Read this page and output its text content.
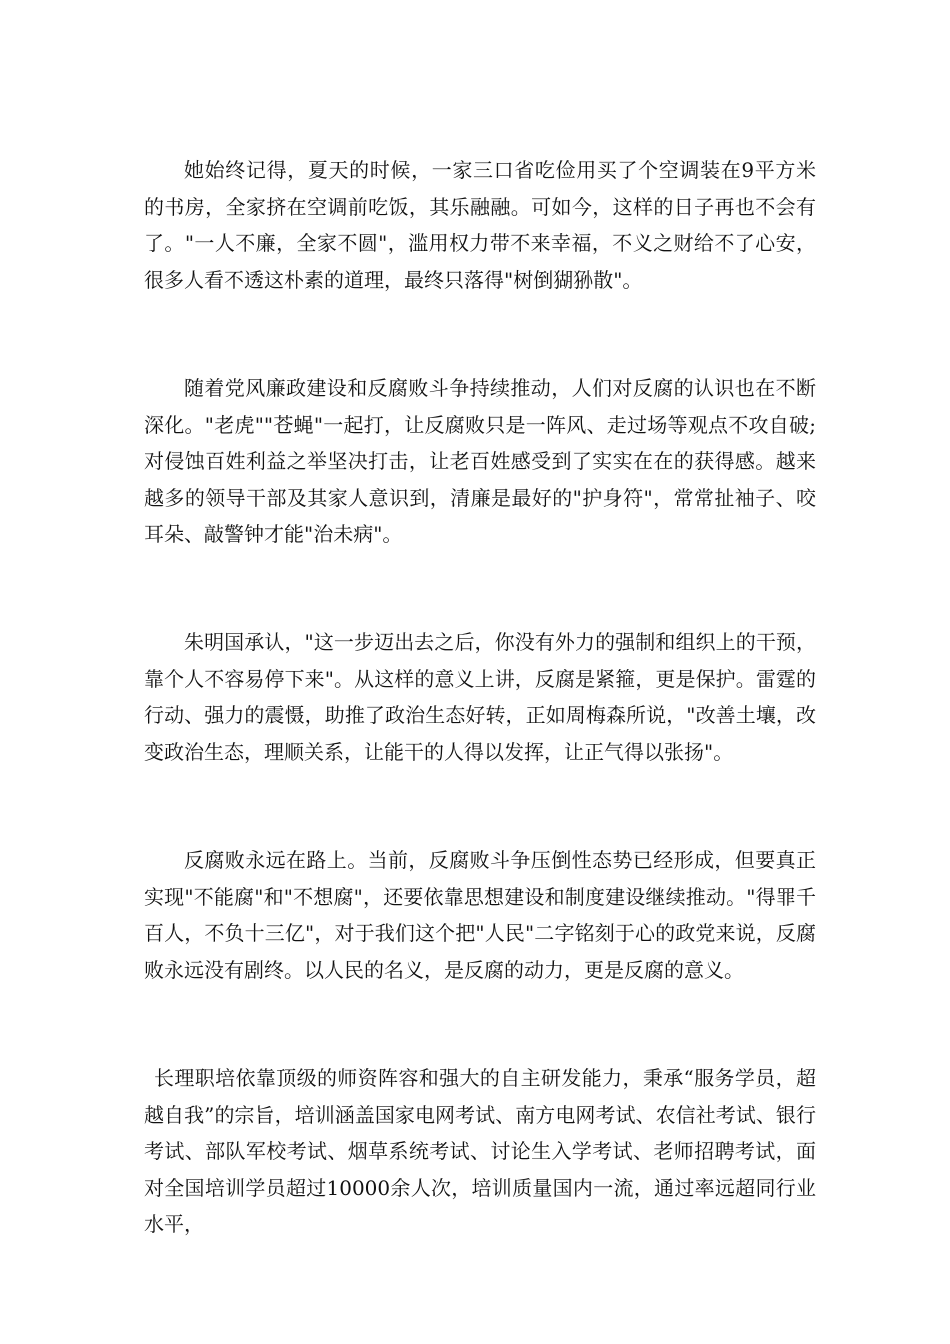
她始终记得，夏天的时候，一家三口省吃俭用买了个空调装在9平方米的书房，全家挤在空调前吃饭，其乐融融。可如今，这样的日子再也不会有了。"一人不廉，全家不圆"，滥用权力带不来幸福，不义之财给不了心安，很多人看不透这朴素的道理，最终只落得"树倒猢狲散"。

随着党风廉政建设和反腐败斗争持续推动，人们对反腐的认识也在不断深化。"老虎""苍蝇"一起打，让反腐败只是一阵风、走过场等观点不攻自破;对侵蚀百姓利益之举坚决打击，让老百姓感受到了实实在在的获得感。越来越多的领导干部及其家人意识到，清廉是最好的"护身符"，常常扯袖子、咬耳朵、敲警钟才能"治未病"。

朱明国承认，"这一步迈出去之后，你没有外力的强制和组织上的干预，靠个人不容易停下来"。从这样的意义上讲，反腐是紧箍，更是保护。雷霆的行动、强力的震慑，助推了政治生态好转，正如周梅森所说，"改善土壤，改变政治生态，理顺关系，让能干的人得以发挥，让正气得以张扬"。

反腐败永远在路上。当前，反腐败斗争压倒性态势已经形成，但要真正实现"不能腐"和"不想腐"，还要依靠思想建设和制度建设继续推动。"得罪千百人，不负十三亿"，对于我们这个把"人民"二字铭刻于心的政党来说，反腐败永远没有剧终。以人民的名义，是反腐的动力，更是反腐的意义。

长理职培依靠顶级的师资阵容和强大的自主研发能力，秉承“服务学员，超越自我”的宗旨，培训涵盖国家电网考试、南方电网考试、农信社考试、银行考试、部队军校考试、烟草系统考试、讨论生入学考试、老师招聘考试，面对全国培训学员超过10000余人次，培训质量国内一流，通过率远超同行业水平，
